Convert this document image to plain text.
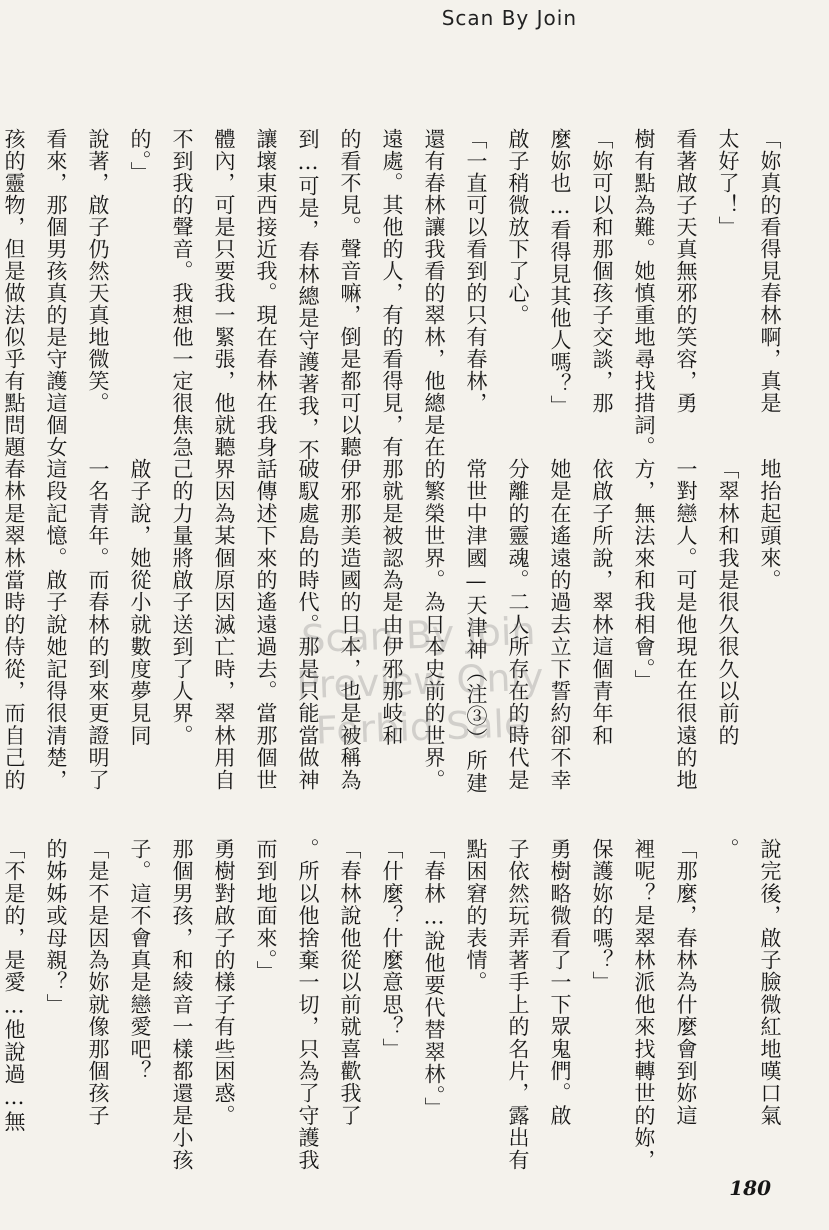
Scan By Join
「妳真的看得見春林啊，真是
太好了！」
看著啟子天真無邪的笑容，勇
樹有點為難。她慎重地尋找措詞。
「妳可以和那個孩子交談，那
麼妳也…看得見其他人嗎？」
啟子稍微放下了心。
「一直可以看到的只有春林，
還有春林讓我看的翠林，他總是在
遠處。其他的人，有的看得見，有
的看不見。聲音嘛，倒是都可以聽
到…可是，春林總是守護著我，不
讓壞東西接近我。現在春林在我身
體內，可是只要我一緊張，他就聽
不到我的聲音。我想他一定很焦急
的。」
說著，啟子仍然天真地微笑。
看來，那個男孩真的是守護這個女
孩的靈物，但是做法似乎有點問題
地抬起頭來。
「翠林和我是很久很久以前的
一對戀人。可是他現在在很遠的地
方，無法來和我相會。」
依啟子所說，翠林這個青年和
她是在遙遠的過去立下誓約卻不幸
分離的靈魂。二人所存在的時代是
常世中津國—天津神（注③）所建
的繁榮世界。為日本史前的世界。
那就是被認為是由伊邪那岐和
伊邪那美造國的日本，也是被稱為
破馭處島的時代。那是只能當做神
話傳述下來的遙遠過去。當那個世
界因為某個原因滅亡時，翠林用自
己的力量將啟子送到了人界。
啟子說，她從小就數度夢見同
一名青年。而春林的到來更證明了
這段記憶。啟子說她記得很清楚，
春林是翠林當時的侍從，而自己的
說完後，啟子臉微紅地嘆口氣
。
「那麼，春林為什麼會到妳這
裡呢？是翠林派他來找轉世的妳，
保護妳的嗎？」
勇樹略微看了一下眾鬼們。啟
子依然玩弄著手上的名片，露出有
點困窘的表情。
「春林…說他要代替翠林。」
「什麼？什麼意思？」
「春林說他從以前就喜歡我了
。所以他捨棄一切，只為了守護我
而到地面來。」
勇樹對啟子的樣子有些困惑。
那個男孩，和綾音一樣都還是小孩
子。這不會真是戀愛吧？
「是不是因為妳就像那個孩子
的姊姊或母親？」
「不是的，是愛…他說過…無
Scan By Join
Preview Only
Forbid Sale
180
